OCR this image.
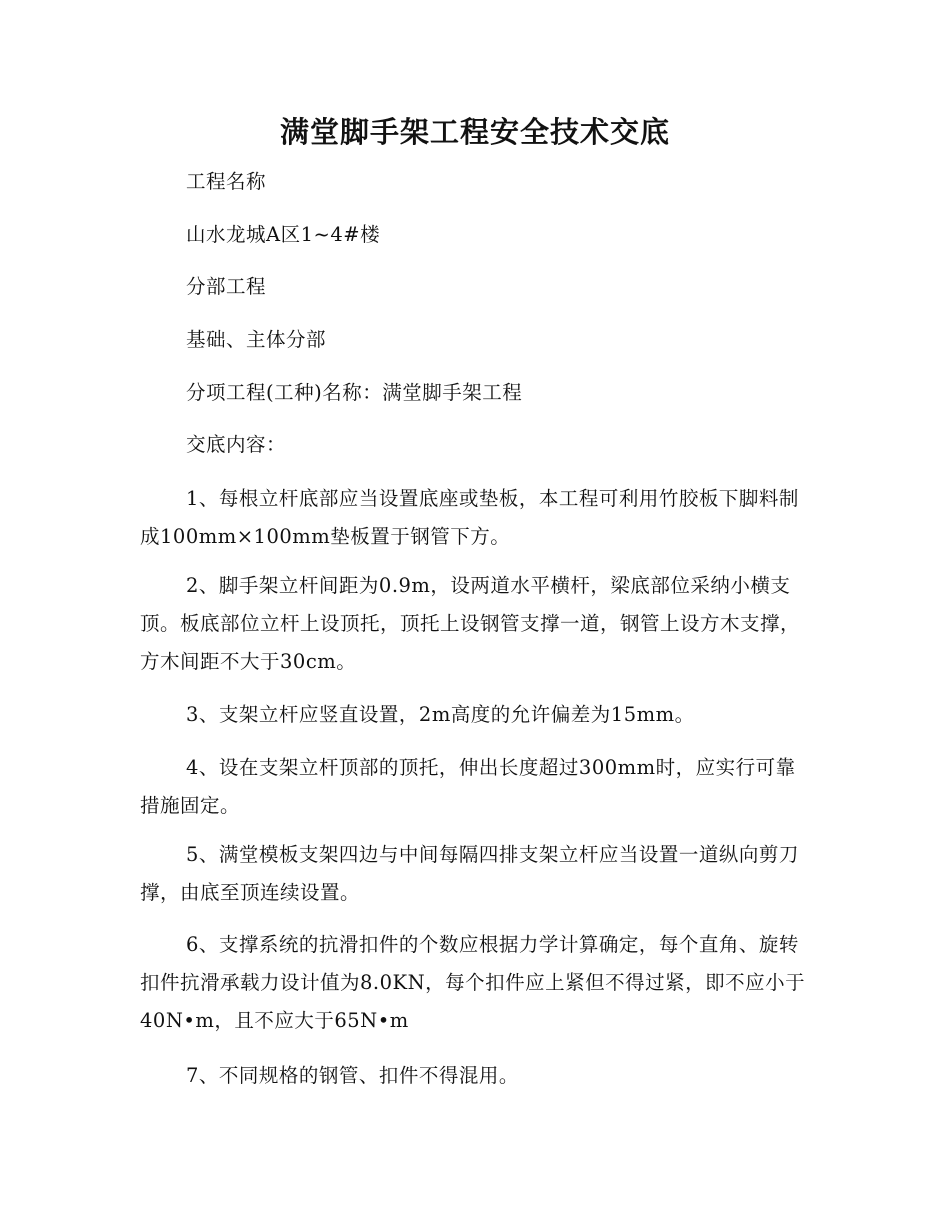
满堂脚手架工程安全技术交底
工程名称
山水龙城A区1~4#楼
分部工程
基础、主体分部
分项工程(工种)名称：满堂脚手架工程
交底内容：
1、每根立杆底部应当设置底座或垫板，本工程可利用竹胶板下脚料制成100mm×100mm垫板置于钢管下方。
2、脚手架立杆间距为0.9m，设两道水平横杆，梁底部位采纳小横支顶。板底部位立杆上设顶托，顶托上设钢管支撑一道，钢管上设方木支撑，方木间距不大于30cm。
3、支架立杆应竖直设置，2m高度的允许偏差为15mm。
4、设在支架立杆顶部的顶托，伸出长度超过300mm时，应实行可靠措施固定。
5、满堂模板支架四边与中间每隔四排支架立杆应当设置一道纵向剪刀撑，由底至顶连续设置。
6、支撑系统的抗滑扣件的个数应根据力学计算确定，每个直角、旋转扣件抗滑承载力设计值为8.0KN，每个扣件应上紧但不得过紧，即不应小于40N•m，且不应大于65N•m
7、不同规格的钢管、扣件不得混用。
